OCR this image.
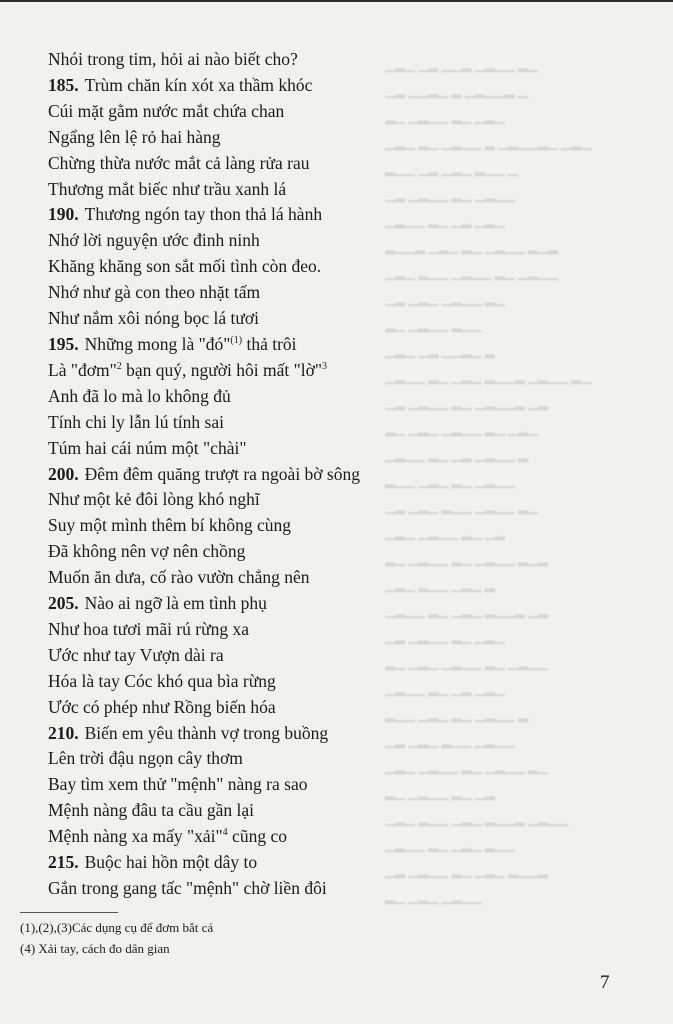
▁▂▁ ▁▂ ▁▁▂ ▁▂▁▁ ▂▁
▁▂ ▁▁▂▁ ▂ ▁▂▁▁▂ ▁
▂▁ ▁▂▁▁ ▂▁ ▁▂▁
▁▂▁ ▂▁ ▁▂▁▁ ▂ ▁▂▁▁▂▁ ▁▂▁
▂▁▁ ▁▂ ▁▂▁ ▂▁▁ ▁
▁▂ ▁▂▁▁ ▂▁ ▁▂▁▁
▁▂▁▁ ▂▁ ▁▂ ▁▂▁
▂▁▁▂ ▁▂▁ ▂▁ ▁▂▁▁ ▂▁▂
▁▂▁ ▂▁▁ ▁▂▁▁ ▂▁ ▁▂▁▁
▁▂ ▁▂▁ ▁▂▁▁ ▂▁
▂▁ ▁▂▁▁ ▂▁▁
▁▂▁ ▁▂ ▁▁▂▁ ▂
▁▂▁▁ ▂▁ ▁▂▁ ▂▁▁▂ ▁▂▁▁ ▂▁
▁▂ ▁▂▁▁ ▂▁ ▁▂▁▁▂ ▁▂
▂▁ ▁▂▁ ▁▂▁▁ ▂▁ ▁▂▁
▁▂▁▁ ▂▁ ▁▂ ▁▂▁▁ ▂
▂▁▁ ▁▂▁ ▂▁ ▁▂▁▁
▁▂ ▁▂▁ ▂▁▁ ▁▂▁▁ ▂▁
▁▂▁ ▁▂▁▁ ▂▁ ▁▂
▂▁ ▁▂▁▁ ▂▁ ▁▂▁▁ ▂▁▂
▁▂▁ ▂▁▁ ▁▂▁ ▂
▁▂▁▁ ▂▁ ▁▂▁ ▂▁▁▂ ▁▂
▁▂ ▁▂▁▁ ▂▁ ▁▂▁
▂▁ ▁▂▁ ▁▂▁▁ ▂▁ ▁▂▁▁
▁▂▁▁ ▂▁ ▁▂ ▁▂▁
▂▁▁ ▁▂▁ ▂▁ ▁▂▁▁ ▂
▁▂ ▁▂▁ ▂▁▁ ▁▂▁▁
▁▂▁ ▁▂▁▁ ▂▁ ▁▂▁▁ ▂▁
▂▁ ▁▂▁▁ ▂▁ ▁▂
▁▂▁ ▂▁▁ ▁▂▁ ▂▁▁▂ ▁▂▁▁
▁▂▁▁ ▂▁ ▁▂▁ ▂▁▁
▁▂ ▁▂▁▁ ▂▁ ▁▂▁ ▂▁▁▂
▂▁ ▁▂▁ ▁▂▁▁
Nhói trong tim, hỏi ai nào biết cho?
185. Trùm chăn kín xót xa thầm khóc
Cúi mặt gằm nước mắt chứa chan
Ngẩng lên lệ rỏ hai hàng
Chừng thừa nước mắt cả làng rửa rau
Thương mắt biếc như trầu xanh lá
190. Thương ngón tay thon thả lá hành
Nhớ lời nguyện ước đinh ninh
Khăng khăng son sắt mối tình còn đeo.
Nhớ như gà con theo nhặt tấm
Như nắm xôi nóng bọc lá tươi
195. Những mong là "đó"$^{(1)}$ thả trôi
Là "đơm"$^2$ bạn quý, người hôi mất "lờ"$^3$
Anh đã lo mà lo không đủ
Tính chi ly lẫn lú tính sai
Túm hai cái núm một "chài"
200. Đêm đêm quăng trượt ra ngoài bờ sông
Như một kẻ đôi lòng khó nghĩ
Suy một mình thêm bí không cùng
Đã không nên vợ nên chồng
Muốn ăn dưa, cố rào vườn chẳng nên
205. Nào ai ngỡ là em tình phụ
Như hoa tươi mãi rú rừng xa
Ước như tay Vượn dài ra
Hóa là tay Cóc khó qua bìa rừng
Ước có phép như Rồng biến hóa
210. Biến em yêu thành vợ trong buồng
Lên trời đậu ngọn cây thơm
Bay tìm xem thử "mệnh" nàng ra sao
Mệnh nàng đâu ta cầu gần lại
Mệnh nàng xa mấy "xải"$^4$ cũng co
215. Buộc hai hồn một dây to
Gắn trong gang tấc "mệnh" chờ liền đôi
(1),(2),(3)Các dụng cụ để đơm bắt cá
(4) Xải tay, cách đo dân gian
7
